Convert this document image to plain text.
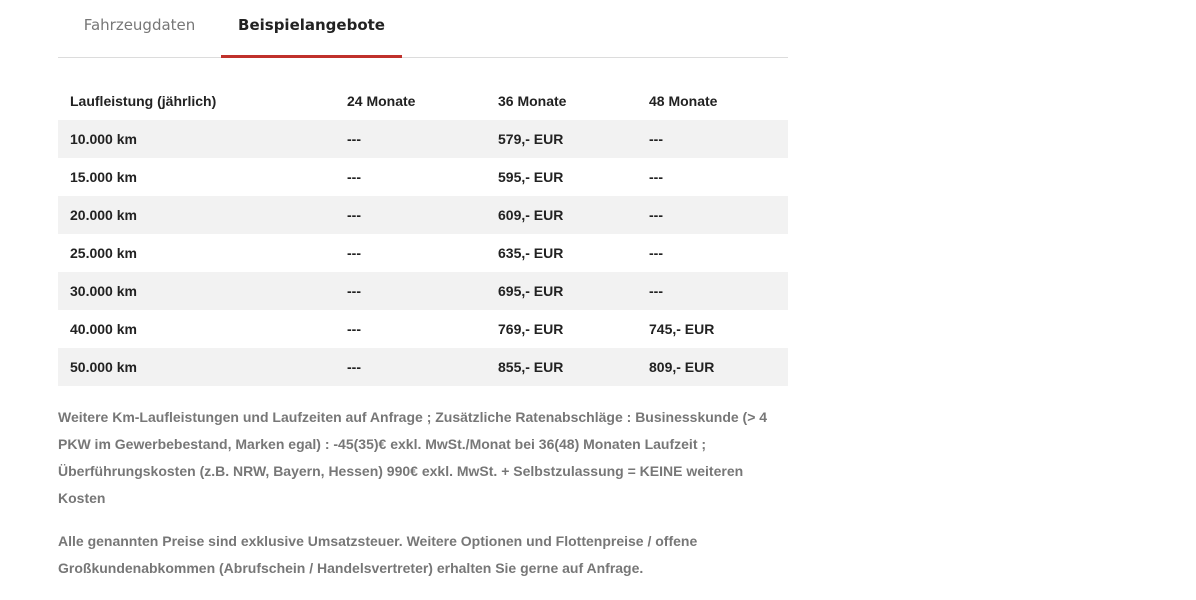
Fahrzeugdaten	Beispielangebote
Laufleistung (jährlich)	24 Monate	36 Monate	48 Monate
10.000 km	---	579,- EUR	---
15.000 km	---	595,- EUR	---
20.000 km	---	609,- EUR	---
25.000 km	---	635,- EUR	---
30.000 km	---	695,- EUR	---
40.000 km	---	769,- EUR	745,- EUR
50.000 km	---	855,- EUR	809,- EUR

Weitere Km-Laufleistungen und Laufzeiten auf Anfrage ; Zusätzliche Ratenabschläge : Businesskunde (> 4 PKW im Gewerbebestand, Marken egal) : -45(35)€ exkl. MwSt./Monat bei 36(48) Monaten Laufzeit ; Überführungskosten (z.B. NRW, Bayern, Hessen) 990€ exkl. MwSt. + Selbstzulassung = KEINE weiteren Kosten

Alle genannten Preise sind exklusive Umsatzsteuer. Weitere Optionen und Flottenpreise / offene Großkundenabkommen (Abrufschein / Handelsvertreter) erhalten Sie gerne auf Anfrage.
